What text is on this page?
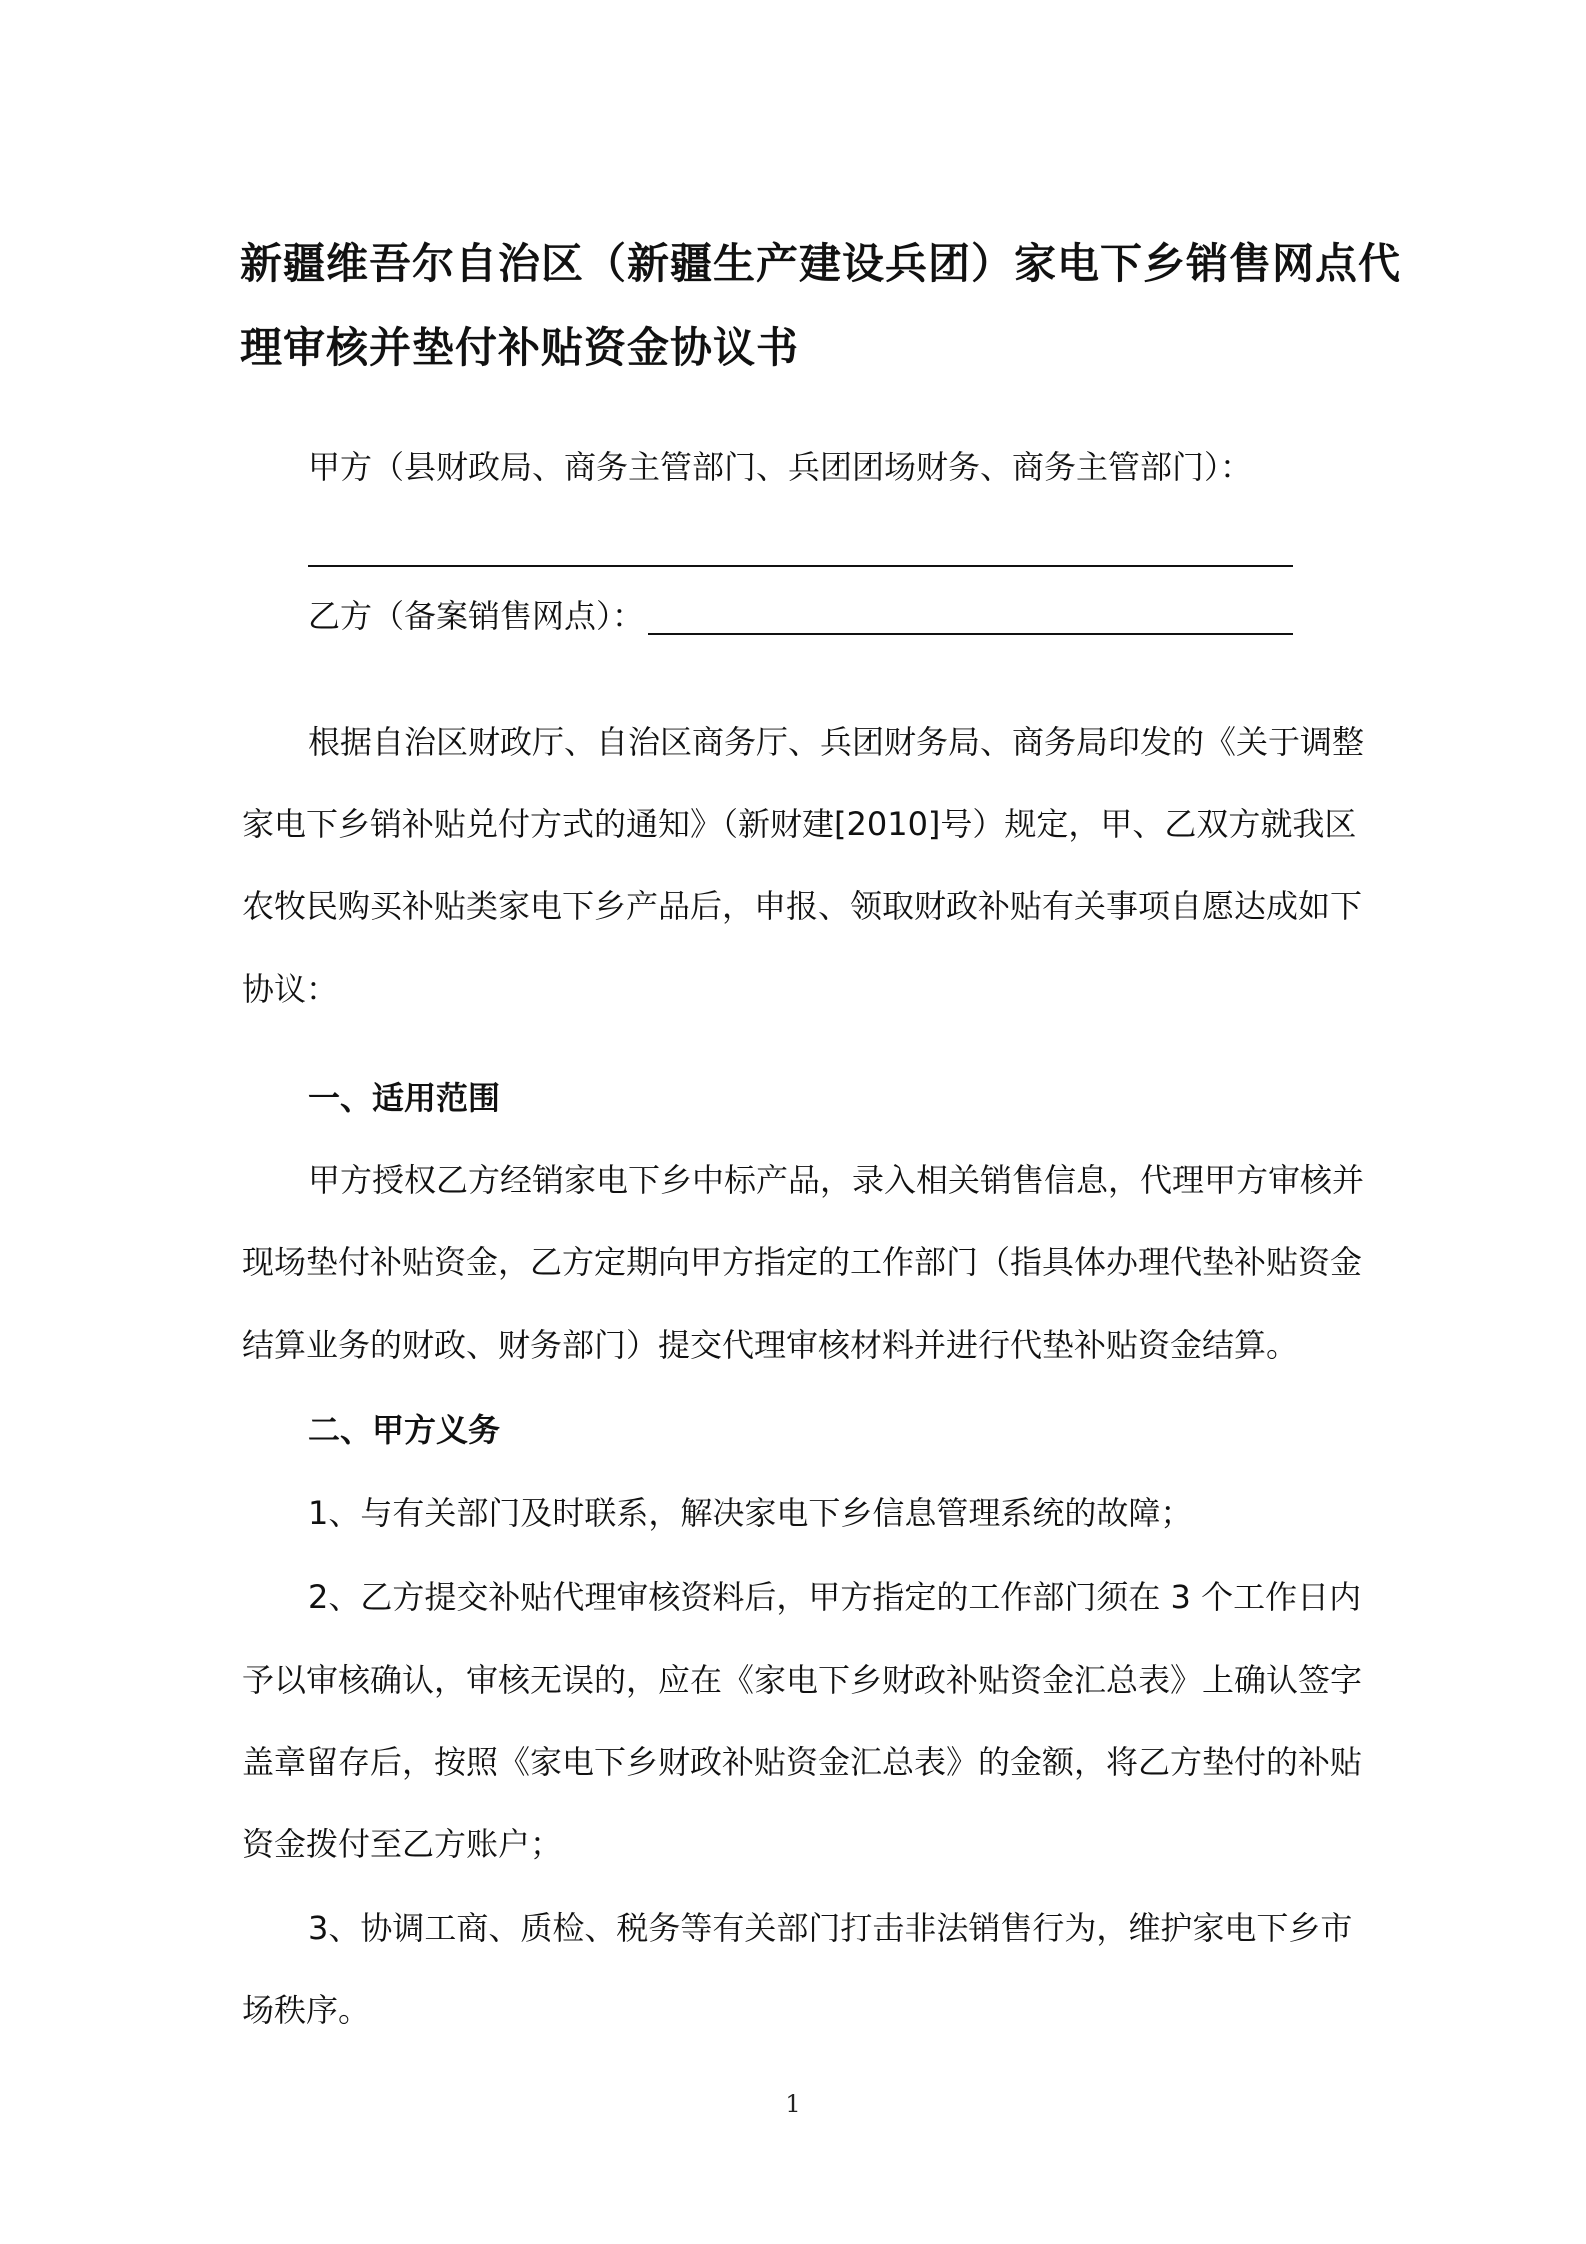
新疆维吾尔自治区（新疆生产建设兵团）家电下乡销售网点代
理审核并垫付补贴资金协议书
甲方（县财政局、商务主管部门、兵团团场财务、商务主管部门）：
乙方（备案销售网点）：
根据自治区财政厅、自治区商务厅、兵团财务局、商务局印发的《关于调整
家电下乡销补贴兑付方式的通知》（新财建[2010]号）规定，甲、乙双方就我区
农牧民购买补贴类家电下乡产品后，申报、领取财政补贴有关事项自愿达成如下
协议：
一、适用范围
甲方授权乙方经销家电下乡中标产品，录入相关销售信息，代理甲方审核并
现场垫付补贴资金，乙方定期向甲方指定的工作部门（指具体办理代垫补贴资金
结算业务的财政、财务部门）提交代理审核材料并进行代垫补贴资金结算。
二、甲方义务
1、与有关部门及时联系，解决家电下乡信息管理系统的故障；
2、乙方提交补贴代理审核资料后，甲方指定的工作部门须在 3 个工作日内
予以审核确认，审核无误的，应在《家电下乡财政补贴资金汇总表》上确认签字
盖章留存后，按照《家电下乡财政补贴资金汇总表》的金额，将乙方垫付的补贴
资金拨付至乙方账户；
3、协调工商、质检、税务等有关部门打击非法销售行为，维护家电下乡市
场秩序。
1
